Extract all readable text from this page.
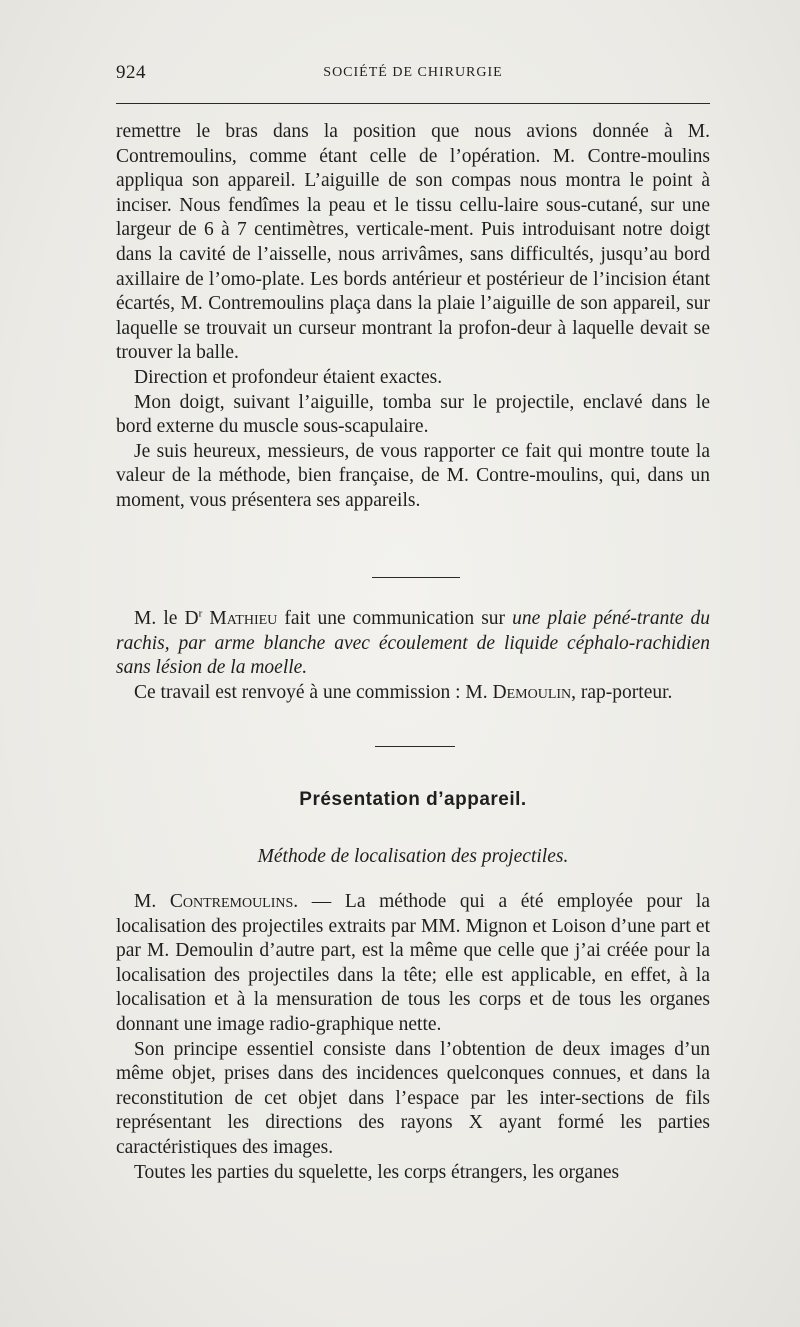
924	SOCIÉTÉ DE CHIRURGIE

remettre le bras dans la position que nous avions donnée à M. Contremoulins, comme étant celle de l’opération. M. Contre-moulins appliqua son appareil. L’aiguille de son compas nous montra le point à inciser. Nous fendîmes la peau et le tissu cellu-laire sous-cutané, sur une largeur de 6 à 7 centimètres, verticale-ment. Puis introduisant notre doigt dans la cavité de l’aisselle, nous arrivâmes, sans difficultés, jusqu’au bord axillaire de l’omo-plate. Les bords antérieur et postérieur de l’incision étant écartés, M. Contremoulins plaça dans la plaie l’aiguille de son appareil, sur laquelle se trouvait un curseur montrant la profon-deur à laquelle devait se trouver la balle.

Direction et profondeur étaient exactes.

Mon doigt, suivant l’aiguille, tomba sur le projectile, enclavé dans le bord externe du muscle sous-scapulaire.

Je suis heureux, messieurs, de vous rapporter ce fait qui montre toute la valeur de la méthode, bien française, de M. Contre-moulins, qui, dans un moment, vous présentera ses appareils.

M. le $D^r$ Mathieu fait une communication sur une plaie péné-trante du rachis, par arme blanche avec écoulement de liquide céphalo-rachidien sans lésion de la moelle.

Ce travail est renvoyé à une commission : M. Demoulin, rap-porteur.

Présentation d’appareil.
Méthode de localisation des projectiles.

M. Contremoulins. — La méthode qui a été employée pour la localisation des projectiles extraits par MM. Mignon et Loison d’une part et par M. Demoulin d’autre part, est la même que celle que j’ai créée pour la localisation des projectiles dans la tête; elle est applicable, en effet, à la localisation et à la mensuration de tous les corps et de tous les organes donnant une image radio-graphique nette.

Son principe essentiel consiste dans l’obtention de deux images d’un même objet, prises dans des incidences quelconques connues, et dans la reconstitution de cet objet dans l’espace par les inter-sections de fils représentant les directions des rayons X ayant formé les parties caractéristiques des images.

Toutes les parties du squelette, les corps étrangers, les organes
